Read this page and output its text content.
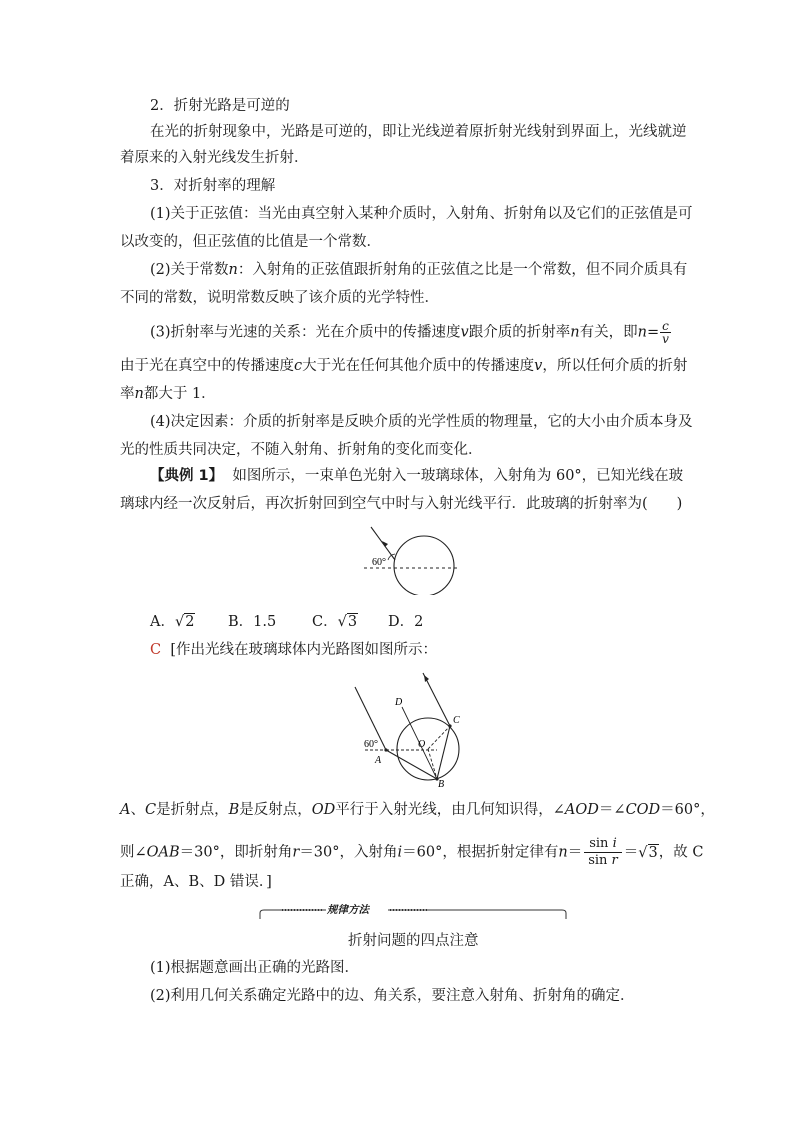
2．折射光路是可逆的
在光的折射现象中，光路是可逆的，即让光线逆着原折射光线射到界面上，光线就逆
着原来的入射光线发生折射．
3．对折射率的理解
(1)关于正弦值：当光由真空射入某种介质时，入射角、折射角以及它们的正弦值是可
以改变的，但正弦值的比值是一个常数．
(2)关于常数n：入射角的正弦值跟折射角的正弦值之比是一个常数，但不同介质具有
不同的常数，说明常数反映了该介质的光学特性．
(3)折射率与光速的关系：光在介质中的传播速度v跟介质的折射率n有关，即$n= \frac{c}{v}$
由于光在真空中的传播速度c大于光在任何其他介质中的传播速度v，所以任何介质的折射
率n都大于 1．
(4)决定因素：介质的折射率是反映介质的光学性质的物理量，它的大小由介质本身及
光的性质共同决定，不随入射角、折射角的变化而变化．
【典例 1】 如图所示，一束单色光射入一玻璃球体，入射角为 60°，已知光线在玻
璃球内经一次反射后，再次折射回到空气中时与入射光线平行．此玻璃的折射率为(　　)
60°
A．√2 B．1.5 C．√3 D．2
C [作出光线在玻璃球体内光路图如图所示：
60°
A
B
C
D
O
A、C是折射点，B是反射点，OD平行于入射光线，由几何知识得，∠AOD＝∠COD＝60°，
则∠OAB＝30°，即折射角r＝30°，入射角i＝60°，根据折射定律有$n= \frac{\text{sin i}}{\text{sin r}} =√3$，故 C
正确，A、B、D 错误．]
规律方法
折射问题的四点注意
(1)根据题意画出正确的光路图．
(2)利用几何关系确定光路中的边、角关系，要注意入射角、折射角的确定．
